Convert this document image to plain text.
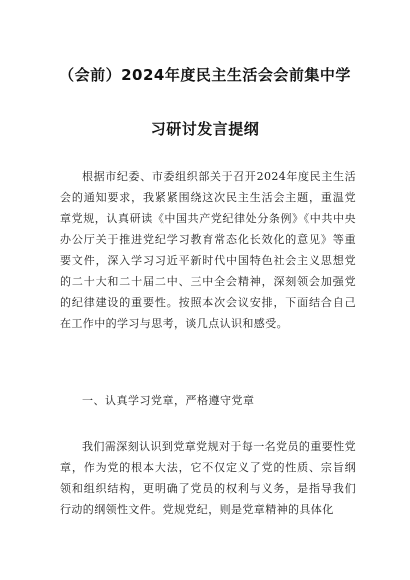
（会前）2024年度民主生活会会前集中学
习研讨发言提纲

根据市纪委、市委组织部关于召开2024年度民主生活会的通知要求，我紧紧围绕这次民主生活会主题，重温党章党规，认真研读《中国共产党纪律处分条例》《中共中央办公厅关于推进党纪学习教育常态化长效化的意见》等重要文件，深入学习习近平新时代中国特色社会主义思想党的二十大和二十届二中、三中全会精神，深刻领会加强党的纪律建设的重要性。按照本次会议安排，下面结合自己在工作中的学习与思考，谈几点认识和感受。

一、认真学习党章，严格遵守党章

我们需深刻认识到党章党规对于每一名党员的重要性党章，作为党的根本大法，它不仅定义了党的性质、宗旨纲领和组织结构，更明确了党员的权利与义务，是指导我们行动的纲领性文件。党规党纪，则是党章精神的具体化
